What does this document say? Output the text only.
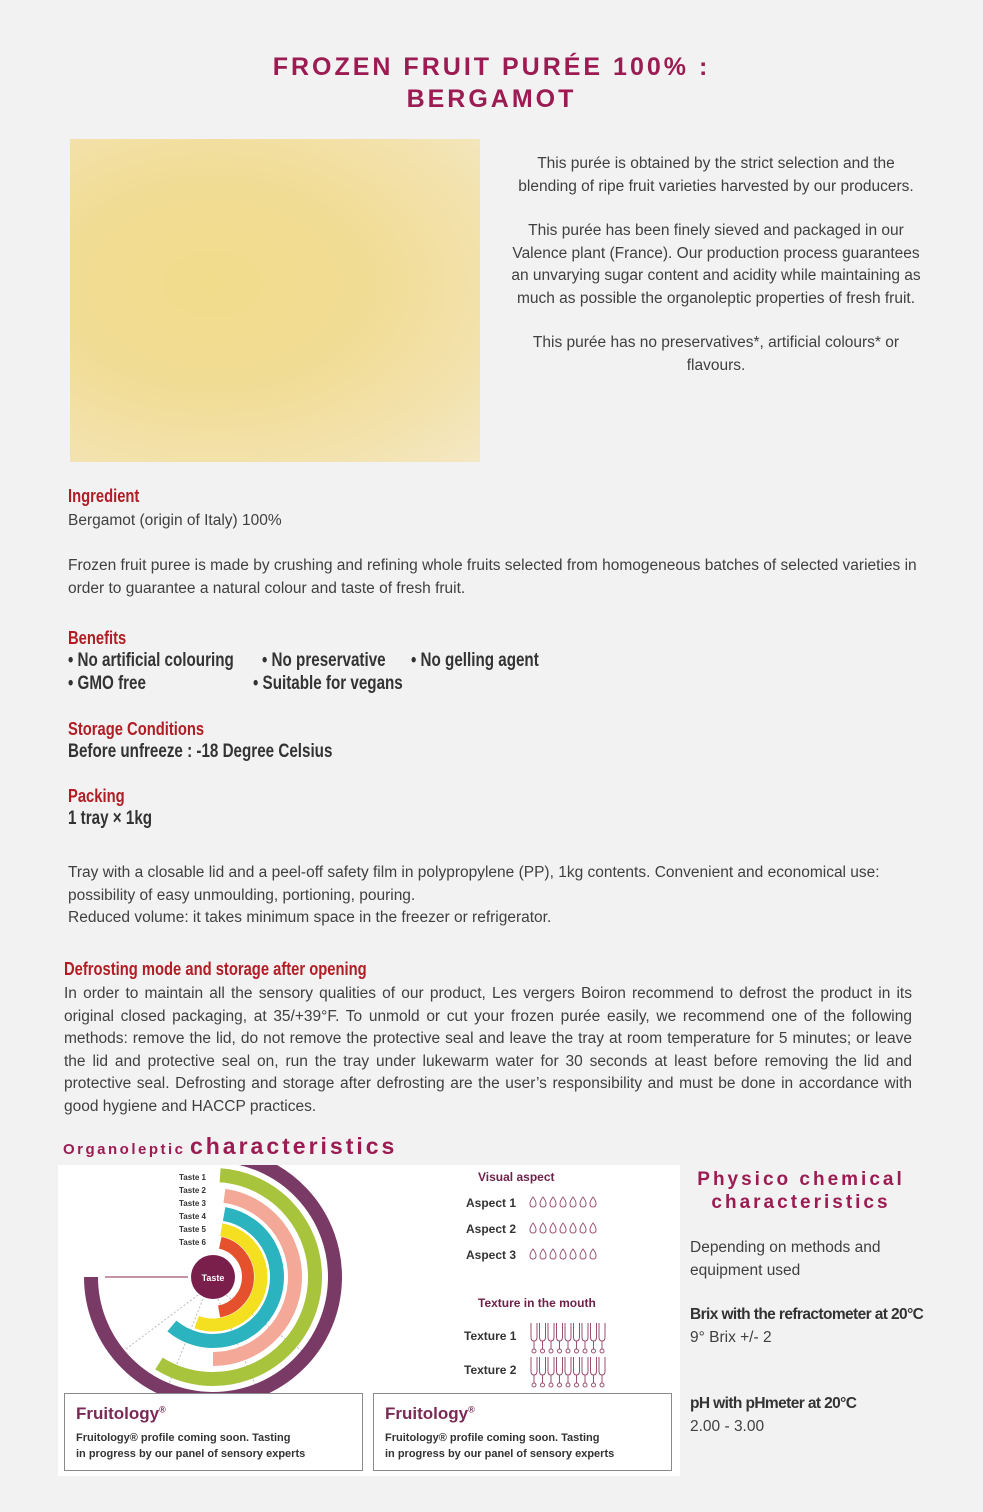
FROZEN FRUIT PURÉE 100% :
BERGAMOT

This purée is obtained by the strict selection and the blending of ripe fruit varieties harvested by our producers.

This purée has been finely sieved and packaged in our Valence plant (France). Our production process guarantees an unvarying sugar content and acidity while maintaining as much as possible the organoleptic properties of fresh fruit.

This purée has no preservatives*, artificial colours* or flavours.

Ingredient
Bergamot (origin of Italy) 100%
Frozen fruit puree is made by crushing and refining whole fruits selected from homogeneous batches of selected varieties in order to guarantee a natural colour and taste of fresh fruit.
Benefits
• No artificial colouring • No preservative • No gelling agent
• GMO free	• Suitable for vegans
Storage Conditions
Before unfreeze : -18 Degree Celsius
Packing
1 tray × 1kg
Tray with a closable lid and a peel-off safety film in polypropylene (PP), 1kg contents. Convenient and economical use: possibility of easy unmoulding, portioning, pouring.
Reduced volume: it takes minimum space in the freezer or refrigerator.
Defrosting mode and storage after opening
In order to maintain all the sensory qualities of our product, Les vergers Boiron recommend to defrost the product in its original closed packaging, at 35/+39°F. To unmold or cut your frozen purée easily, we recommend one of the following methods: remove the lid, do not remove the protective seal and leave the tray at room temperature for 5 minutes; or leave the lid and protective seal on, run the tray under lukewarm water for 30 seconds at least before removing the lid and protective seal. Defrosting and storage after defrosting are the user’s responsibility and must be done in accordance with good hygiene and HACCP practices.
Organoleptic characteristics
Taste
Taste 1
Taste 2
Taste 3
Taste 4
Taste 5
Taste 6
Visual aspect
Aspect 1
Aspect 2
Aspect 3
Texture in the mouth
Texture 1
Texture 2
Fruitology®
Fruitology® profile coming soon. Tasting
in progress by our panel of sensory experts
Fruitology®
Fruitology® profile coming soon. Tasting
in progress by our panel of sensory experts
Physico chemical
characteristics
Depending on methods and equipment used
Brix with the refractometer at 20°C
9° Brix +/- 2
pH with pHmeter at 20°C
2.00 - 3.00
